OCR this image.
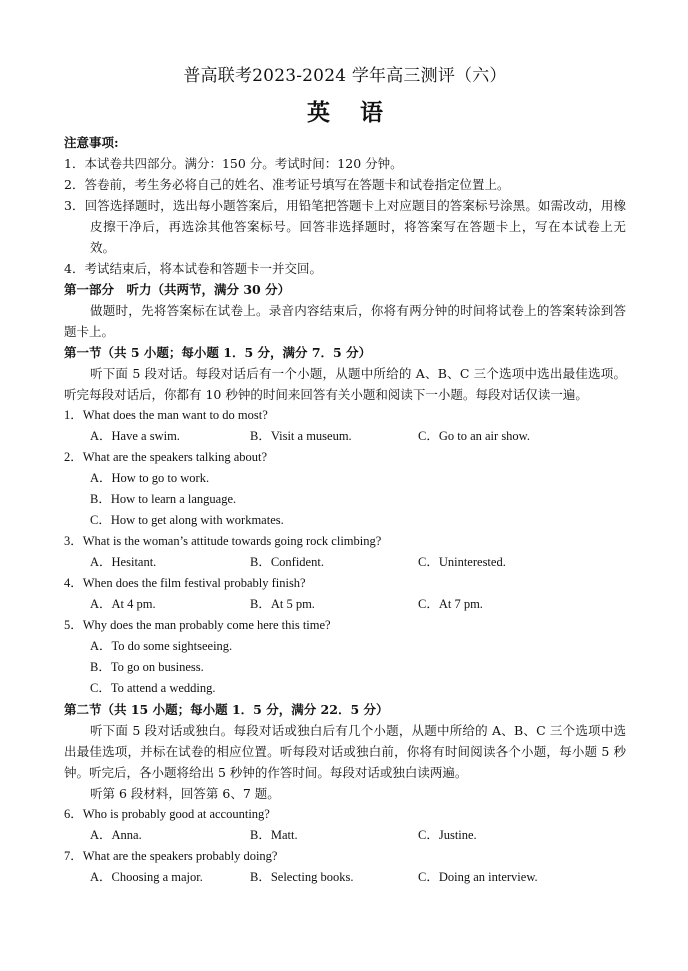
普高联考2023-2024 学年高三测评（六）
英语
注意事项:
1．本试卷共四部分。满分：150 分。考试时间：120 分钟。
2．答卷前，考生务必将自己的姓名、准考证号填写在答题卡和试卷指定位置上。
3．回答选择题时，选出每小题答案后，用铅笔把答题卡上对应题目的答案标号涂黑。如需改动，用橡皮擦干净后，再选涂其他答案标号。回答非选择题时，将答案写在答题卡上，写在本试卷上无效。
4．考试结束后，将本试卷和答题卡一并交回。
第一部分　听力（共两节，满分 30 分）
做题时，先将答案标在试卷上。录音内容结束后，你将有两分钟的时间将试卷上的答案转涂到答题卡上。
第一节（共 5 小题；每小题 1．5 分，满分 7．5 分）
听下面 5 段对话。每段对话后有一个小题，从题中所给的 A、B、C 三个选项中选出最佳选项。听完每段对话后，你都有 10 秒钟的时间来回答有关小题和阅读下一小题。每段对话仅读一遍。
1．What does the man want to do most?
A．Have a swim.	B．Visit a museum.	C．Go to an air show.
2．What are the speakers talking about?
A．How to go to work.
B．How to learn a language.
C．How to get along with workmates.
3．What is the woman’s attitude towards going rock climbing?
A．Hesitant.	B．Confident.	C．Uninterested.
4．When does the film festival probably finish?
A．At 4 pm.	B．At 5 pm.	C．At 7 pm.
5．Why does the man probably come here this time?
A．To do some sightseeing.
B．To go on business.
C．To attend a wedding.
第二节（共 15 小题；每小题 1．5 分，满分 22．5 分）
听下面 5 段对话或独白。每段对话或独白后有几个小题，从题中所给的 A、B、C 三个选项中选出最佳选项，并标在试卷的相应位置。听每段对话或独白前，你将有时间阅读各个小题，每小题 5 秒钟。听完后，各小题将给出 5 秒钟的作答时间。每段对话或独白读两遍。
听第 6 段材料，回答第 6、7 题。
6．Who is probably good at accounting?
A．Anna.	B．Matt.	C．Justine.
7．What are the speakers probably doing?
A．Choosing a major.	B．Selecting books.	C．Doing an interview.
